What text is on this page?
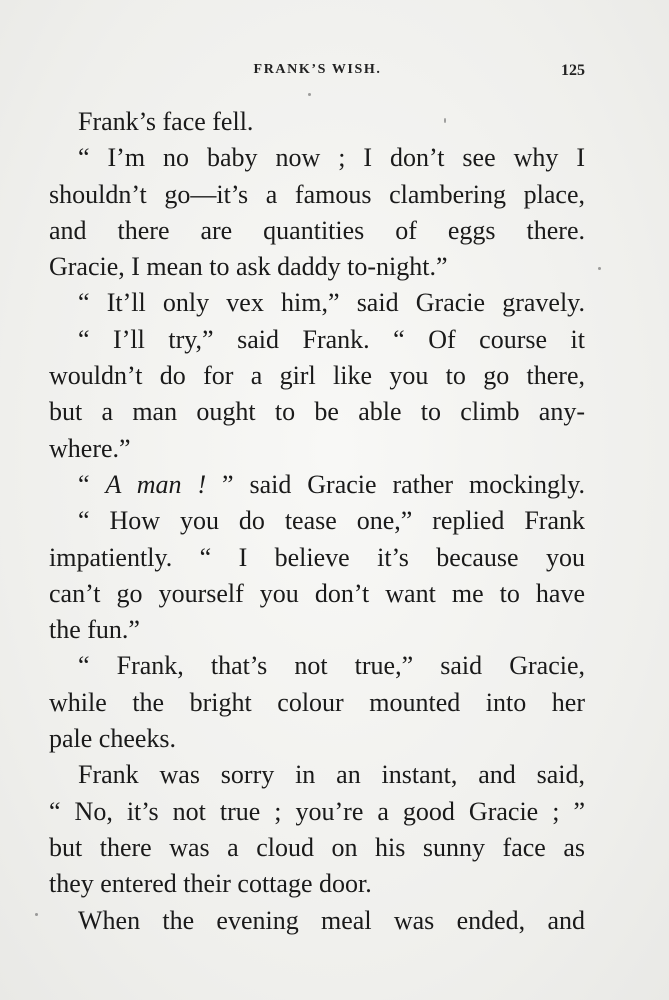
FRANK’S WISH.	125
Frank’s face fell.
“ I’m no baby now ; I don’t see why I
shouldn’t go—it’s a famous clambering place,
and there are quantities of eggs there.
Gracie, I mean to ask daddy to-night.”
“ It’ll only vex him,” said Gracie gravely.
“ I’ll try,” said Frank. “ Of course it
wouldn’t do for a girl like you to go there,
but a man ought to be able to climb any-
where.”
“ A man ! ” said Gracie rather mockingly.
“ How you do tease one,” replied Frank
impatiently. “ I believe it’s because you
can’t go yourself you don’t want me to have
the fun.”
“ Frank, that’s not true,” said Gracie,
while the bright colour mounted into her
pale cheeks.
Frank was sorry in an instant, and said,
“ No, it’s not true ; you’re a good Gracie ; ”
but there was a cloud on his sunny face as
they entered their cottage door.
When the evening meal was ended, and
